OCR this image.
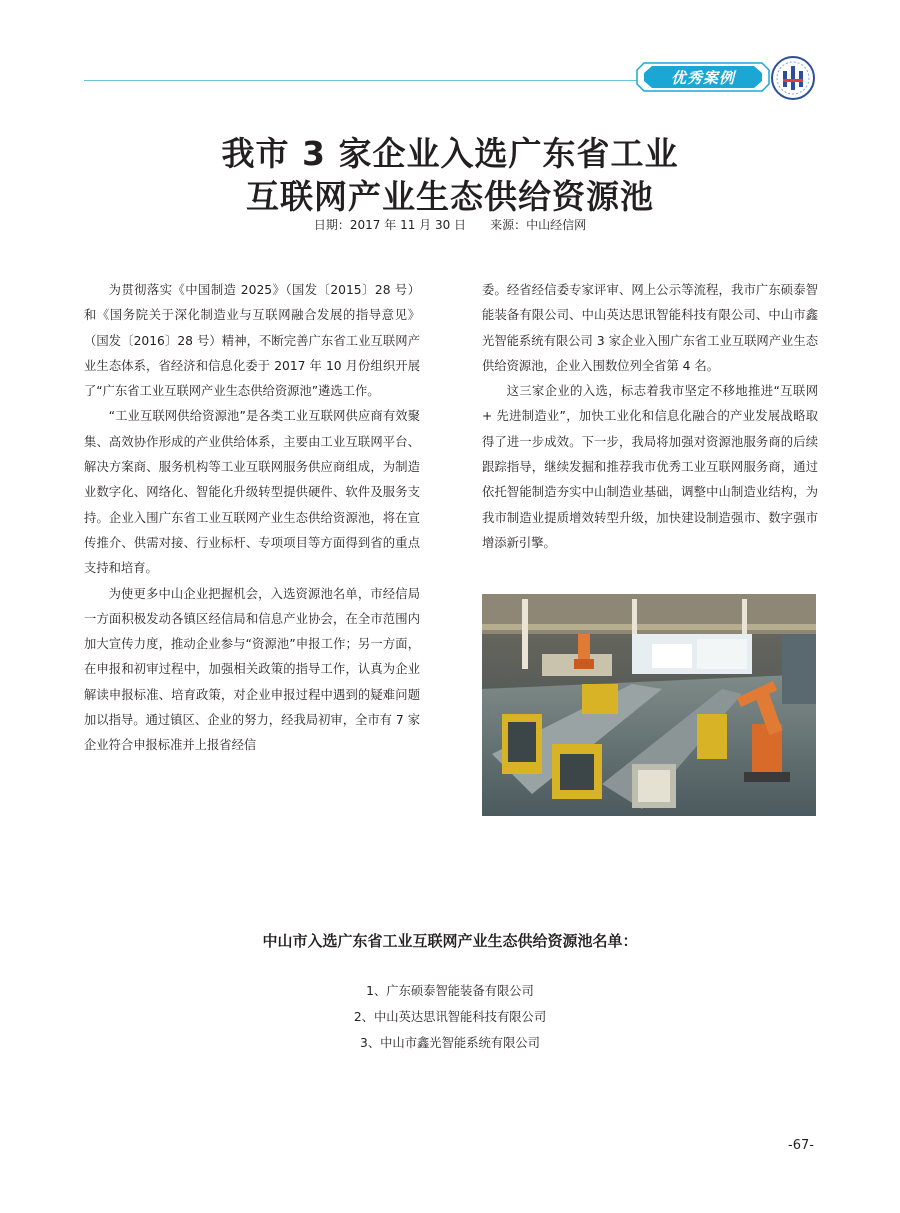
优秀案例
我市 3 家企业入选广东省工业
互联网产业生态供给资源池
日期：2017 年 11 月 30 日 来源：中山经信网

为贯彻落实《中国制造 2025》（国发〔2015〕28 号）和《国务院关于深化制造业与互联网融合发展的指导意见》（国发〔2016〕28 号）精神，不断完善广东省工业互联网产业生态体系，省经济和信息化委于 2017 年 10 月份组织开展了“广东省工业互联网产业生态供给资源池”遴选工作。

“工业互联网供给资源池”是各类工业互联网供应商有效聚集、高效协作形成的产业供给体系，主要由工业互联网平台、解决方案商、服务机构等工业互联网服务供应商组成，为制造业数字化、网络化、智能化升级转型提供硬件、软件及服务支持。企业入围广东省工业互联网产业生态供给资源池，将在宣传推介、供需对接、行业标杆、专项项目等方面得到省的重点支持和培育。

为使更多中山企业把握机会，入选资源池名单，市经信局一方面积极发动各镇区经信局和信息产业协会，在全市范围内加大宣传力度，推动企业参与“资源池”申报工作；另一方面，在申报和初审过程中，加强相关政策的指导工作，认真为企业解读申报标准、培育政策，对企业申报过程中遇到的疑难问题加以指导。通过镇区、企业的努力，经我局初审，全市有 7 家企业符合申报标准并上报省经信

委。经省经信委专家评审、网上公示等流程，我市广东硕泰智能装备有限公司、中山英达思讯智能科技有限公司、中山市鑫光智能系统有限公司 3 家企业入围广东省工业互联网产业生态供给资源池，企业入围数位列全省第 4 名。

这三家企业的入选，标志着我市坚定不移地推进“互联网 + 先进制造业”，加快工业化和信息化融合的产业发展战略取得了进一步成效。下一步，我局将加强对资源池服务商的后续跟踪指导，继续发掘和推荐我市优秀工业互联网服务商，通过依托智能制造夯实中山制造业基础，调整中山制造业结构，为我市制造业提质增效转型升级，加快建设制造强市、数字强市增添新引擎。

中山市入选广东省工业互联网产业生态供给资源池名单：
1、广东硕泰智能装备有限公司
2、中山英达思讯智能科技有限公司
3、中山市鑫光智能系统有限公司
-67-
